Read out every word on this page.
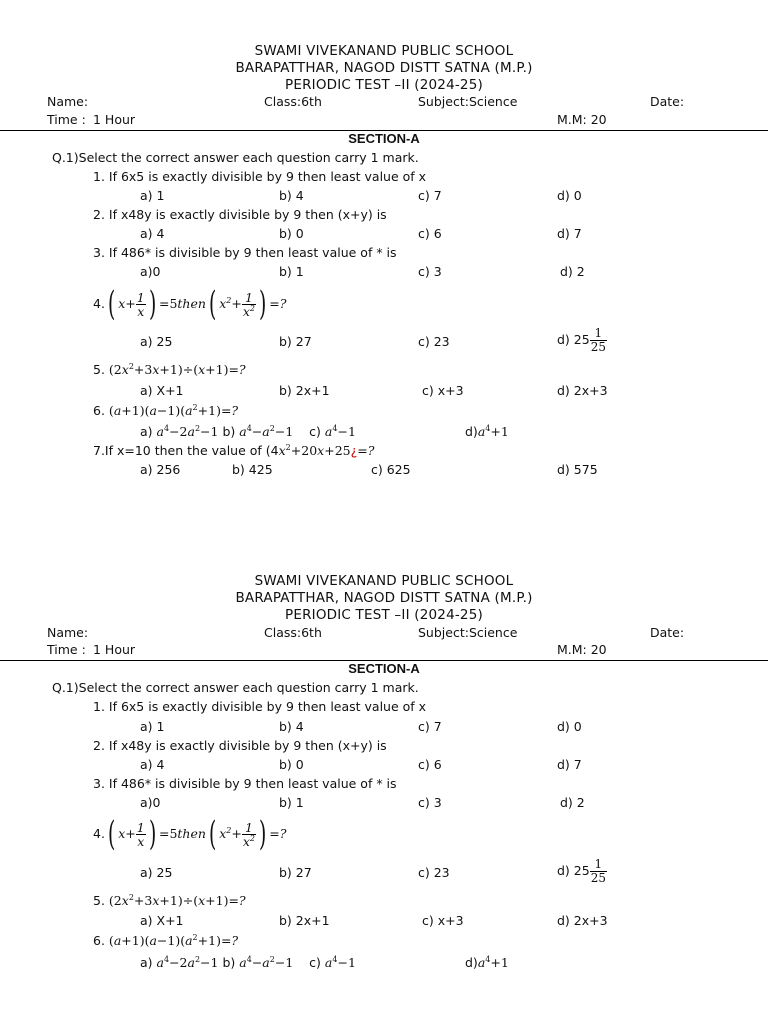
SWAMI VIVEKANAND PUBLIC SCHOOL
BARAPATTHAR, NAGOD DISTT SATNA (M.P.)
PERIODIC TEST –II (2024-25)
Name:	Class:6th	Subject:Science	Date:
Time : 1 Hour	M.M: 20
SECTION-A
Q.1)Select the correct answer each question carry 1 mark.
1. If 6x5 is exactly divisible by 9 then least value of x
a) 1	b) 4	c) 7	d) 0
2. If x48y is exactly divisible by 9 then (x+y) is
a) 4	b) 0	c) 6	d) 7
3. If 486* is divisible by 9 then least value of * is
a)0	b) 1	c) 3	d) 2
4. ( $x + \frac{1}{x}$ ) =5 then ( $x^2 + \frac{1}{x^2}$ ) =?
a) 25	b) 27	c) 23	d) $25 \frac{1}{25}$
5. $(2x^2+3x+1)\div(x+1)=$?
a) X+1	b) 2x+1	c) x+3	d) 2x+3
6. $(a+1)(a-1)(a^2+1)=$?
a) $a^4-2a^2-1$ b) $a^4-a^2-1$    c) $a^4-1$	$d)a^4+1$
7.If x=10 then the value of ($4x^2+20x+25¿=$?
a) 256	b) 425	c) 625	d) 575
SWAMI VIVEKANAND PUBLIC SCHOOL
BARAPATTHAR, NAGOD DISTT SATNA (M.P.)
PERIODIC TEST –II (2024-25)
Name:	Class:6th	Subject:Science	Date:
Time : 1 Hour	M.M: 20
SECTION-A
Q.1)Select the correct answer each question carry 1 mark.
1. If 6x5 is exactly divisible by 9 then least value of x
a) 1	b) 4	c) 7	d) 0
2. If x48y is exactly divisible by 9 then (x+y) is
a) 4	b) 0	c) 6	d) 7
3. If 486* is divisible by 9 then least value of * is
a)0	b) 1	c) 3	d) 2
4. ( $x + \frac{1}{x}$ ) =5 then ( $x^2 + \frac{1}{x^2}$ ) =?
a) 25	b) 27	c) 23	d) $25 \frac{1}{25}$
5. $(2x^2+3x+1)\div(x+1)=$?
a) X+1	b) 2x+1	c) x+3	d) 2x+3
6. $(a+1)(a-1)(a^2+1)=$?
a) $a^4-2a^2-1$ b) $a^4-a^2-1$    c) $a^4-1$	$d)a^4+1$
